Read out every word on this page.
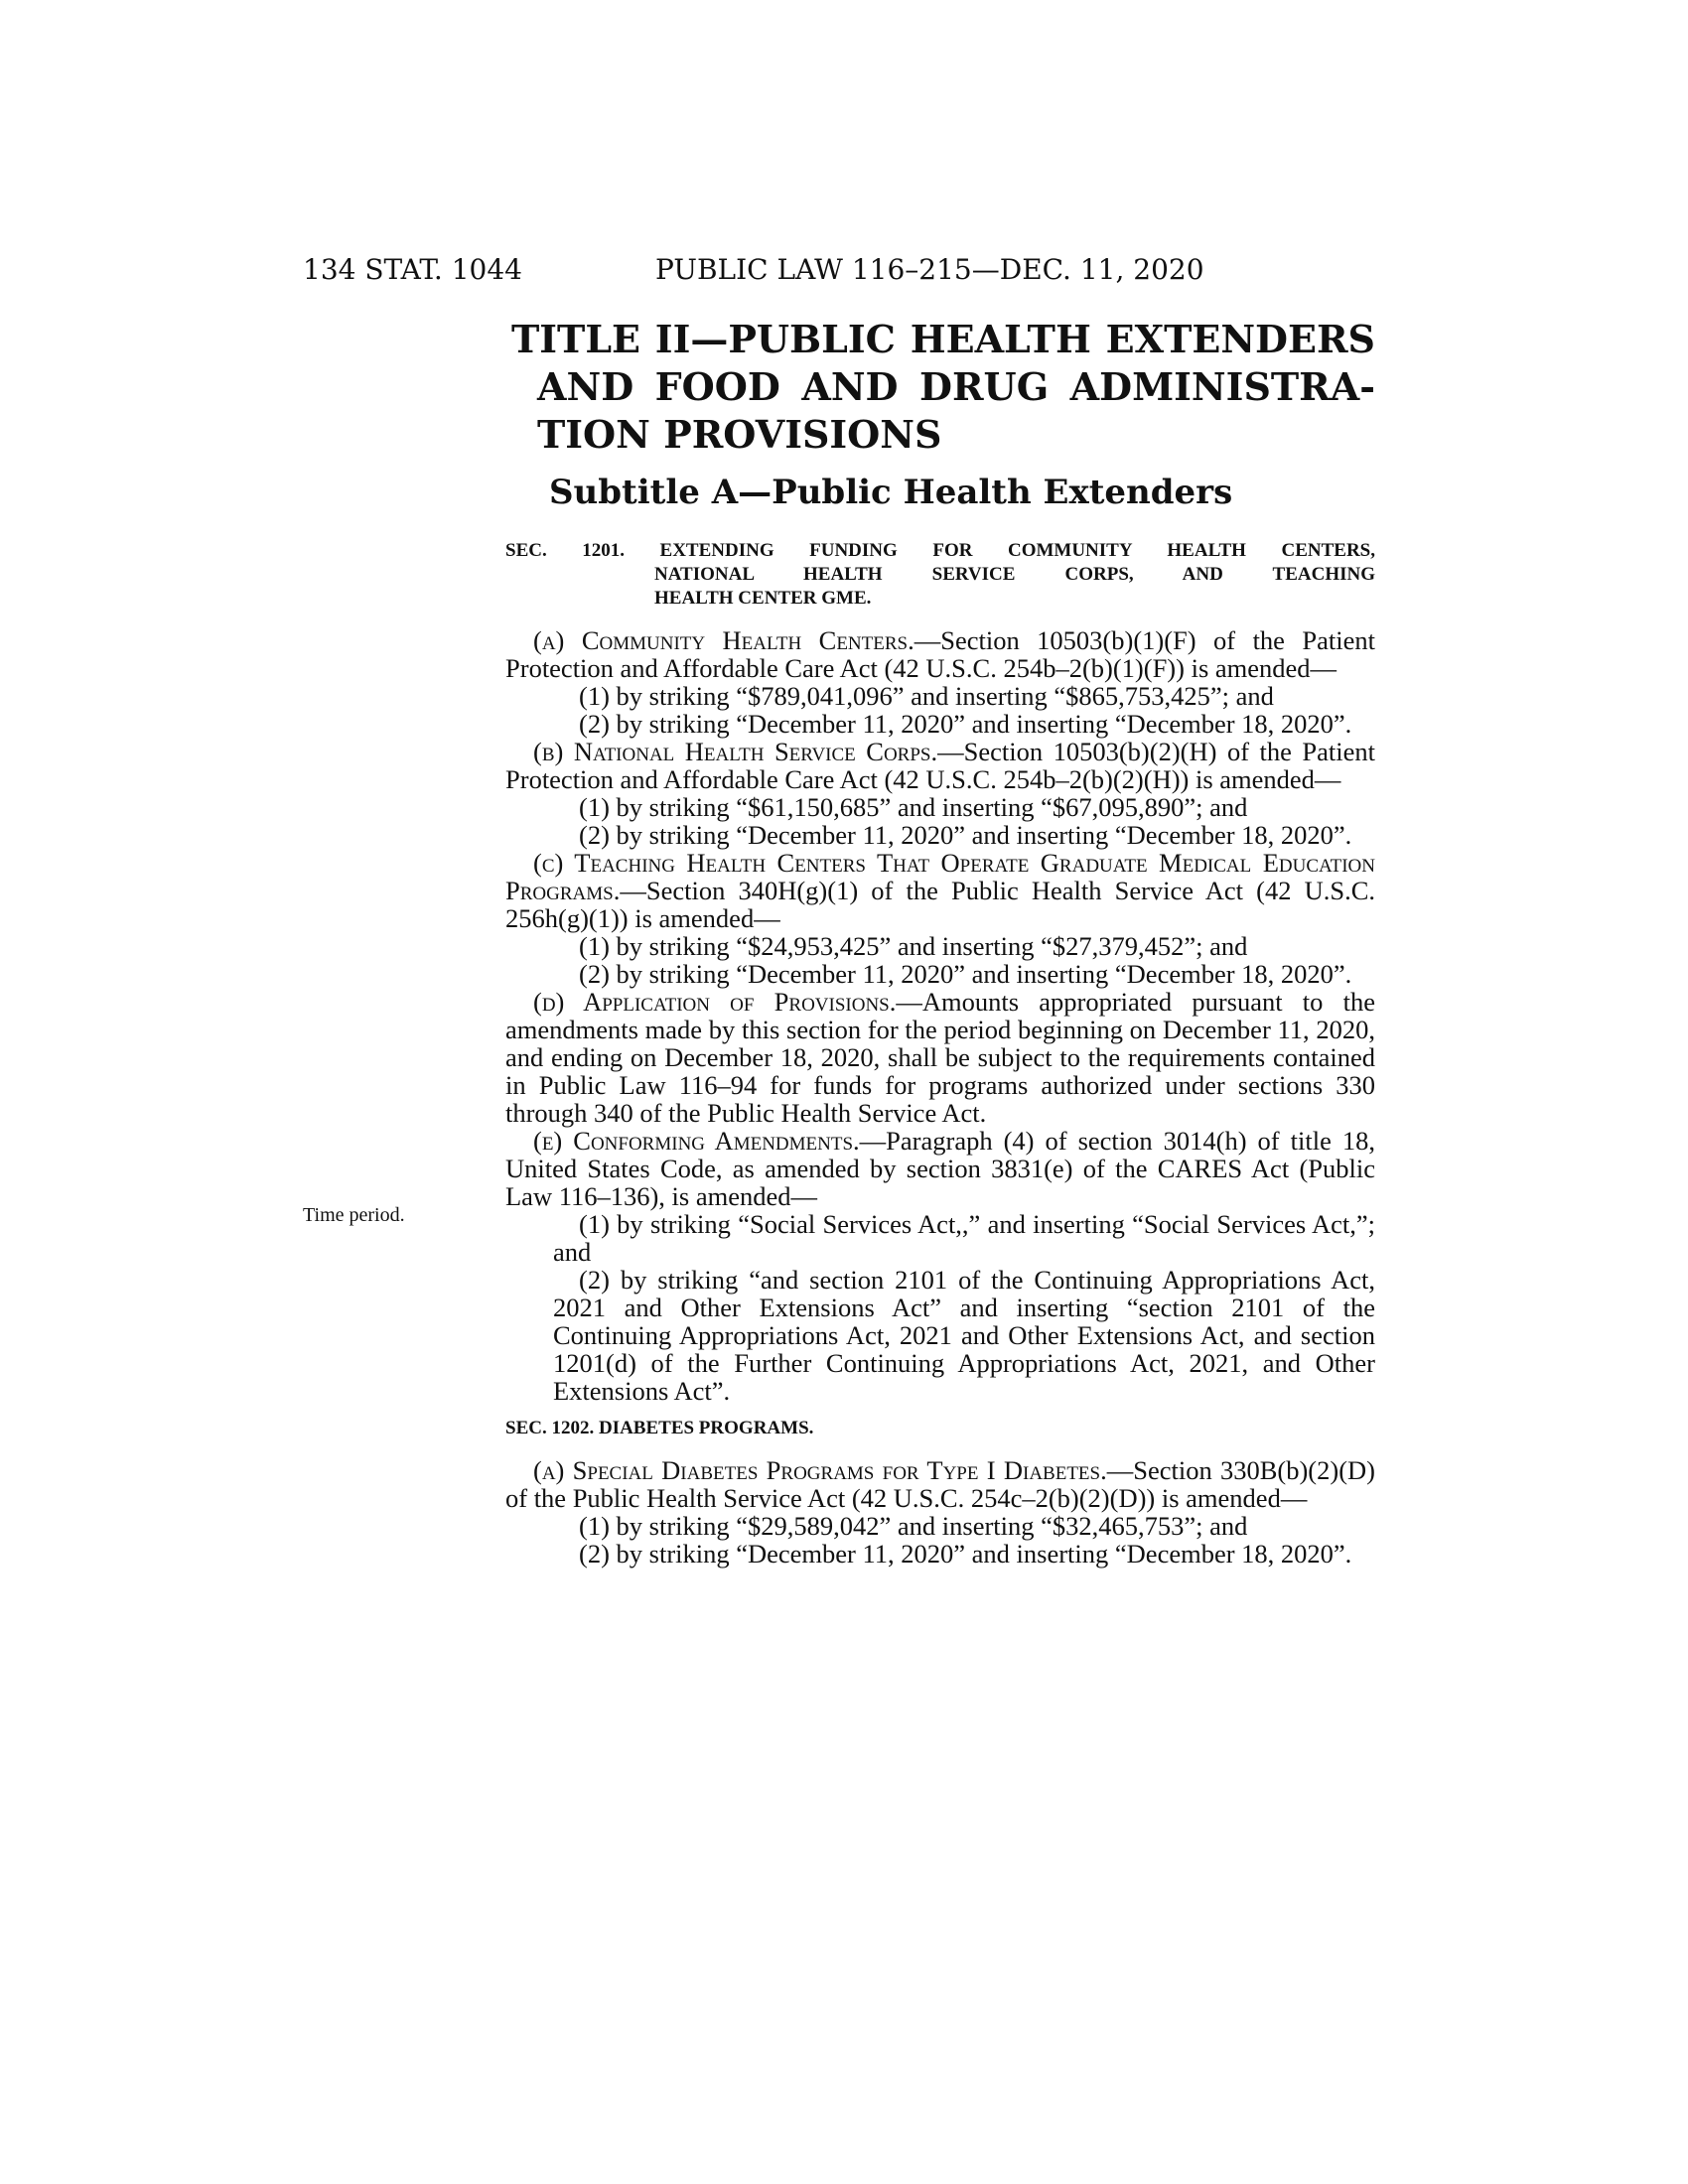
134 STAT. 1044	PUBLIC LAW 116–215—DEC. 11, 2020
TITLE II—PUBLIC HEALTH EXTENDERS
AND FOOD AND DRUG ADMINISTRA-
TION PROVISIONS
Subtitle A—Public Health Extenders
Time period.
SEC. 1201. EXTENDING FUNDING FOR COMMUNITY HEALTH CENTERS,
NATIONAL HEALTH SERVICE CORPS, AND TEACHING
HEALTH CENTER GME.

(a) Community Health Centers.—Section 10503(b)(1)(F) of the Patient Protection and Affordable Care Act (42 U.S.C. 254b–2(b)(1)(F)) is amended—

(1) by striking “$789,041,096” and inserting “$865,753,425”; and

(2) by striking “December 11, 2020” and inserting “December 18, 2020”.

(b) National Health Service Corps.—Section 10503(b)(2)(H) of the Patient Protection and Affordable Care Act (42 U.S.C. 254b–2(b)(2)(H)) is amended—

(1) by striking “$61,150,685” and inserting “$67,095,890”; and

(2) by striking “December 11, 2020” and inserting “December 18, 2020”.

(c) Teaching Health Centers That Operate Graduate Medical Education Programs.—Section 340H(g)(1) of the Public Health Service Act (42 U.S.C. 256h(g)(1)) is amended—

(1) by striking “$24,953,425” and inserting “$27,379,452”; and

(2) by striking “December 11, 2020” and inserting “December 18, 2020”.

(d) Application of Provisions.—Amounts appropriated pursuant to the amendments made by this section for the period beginning on December 11, 2020, and ending on December 18, 2020, shall be subject to the requirements contained in Public Law 116–94 for funds for programs authorized under sections 330 through 340 of the Public Health Service Act.

(e) Conforming Amendments.—Paragraph (4) of section 3014(h) of title 18, United States Code, as amended by section 3831(e) of the CARES Act (Public Law 116–136), is amended—

(1) by striking “Social Services Act,,” and inserting “Social Services Act,”; and

(2) by striking “and section 2101 of the Continuing Appropriations Act, 2021 and Other Extensions Act” and inserting “section 2101 of the Continuing Appropriations Act, 2021 and Other Extensions Act, and section 1201(d) of the Further Continuing Appropriations Act, 2021, and Other Extensions Act”.

SEC. 1202. DIABETES PROGRAMS.

(a) Special Diabetes Programs for Type I Diabetes.—Section 330B(b)(2)(D) of the Public Health Service Act (42 U.S.C. 254c–2(b)(2)(D)) is amended—

(1) by striking “$29,589,042” and inserting “$32,465,753”; and

(2) by striking “December 11, 2020” and inserting “December 18, 2020”.
